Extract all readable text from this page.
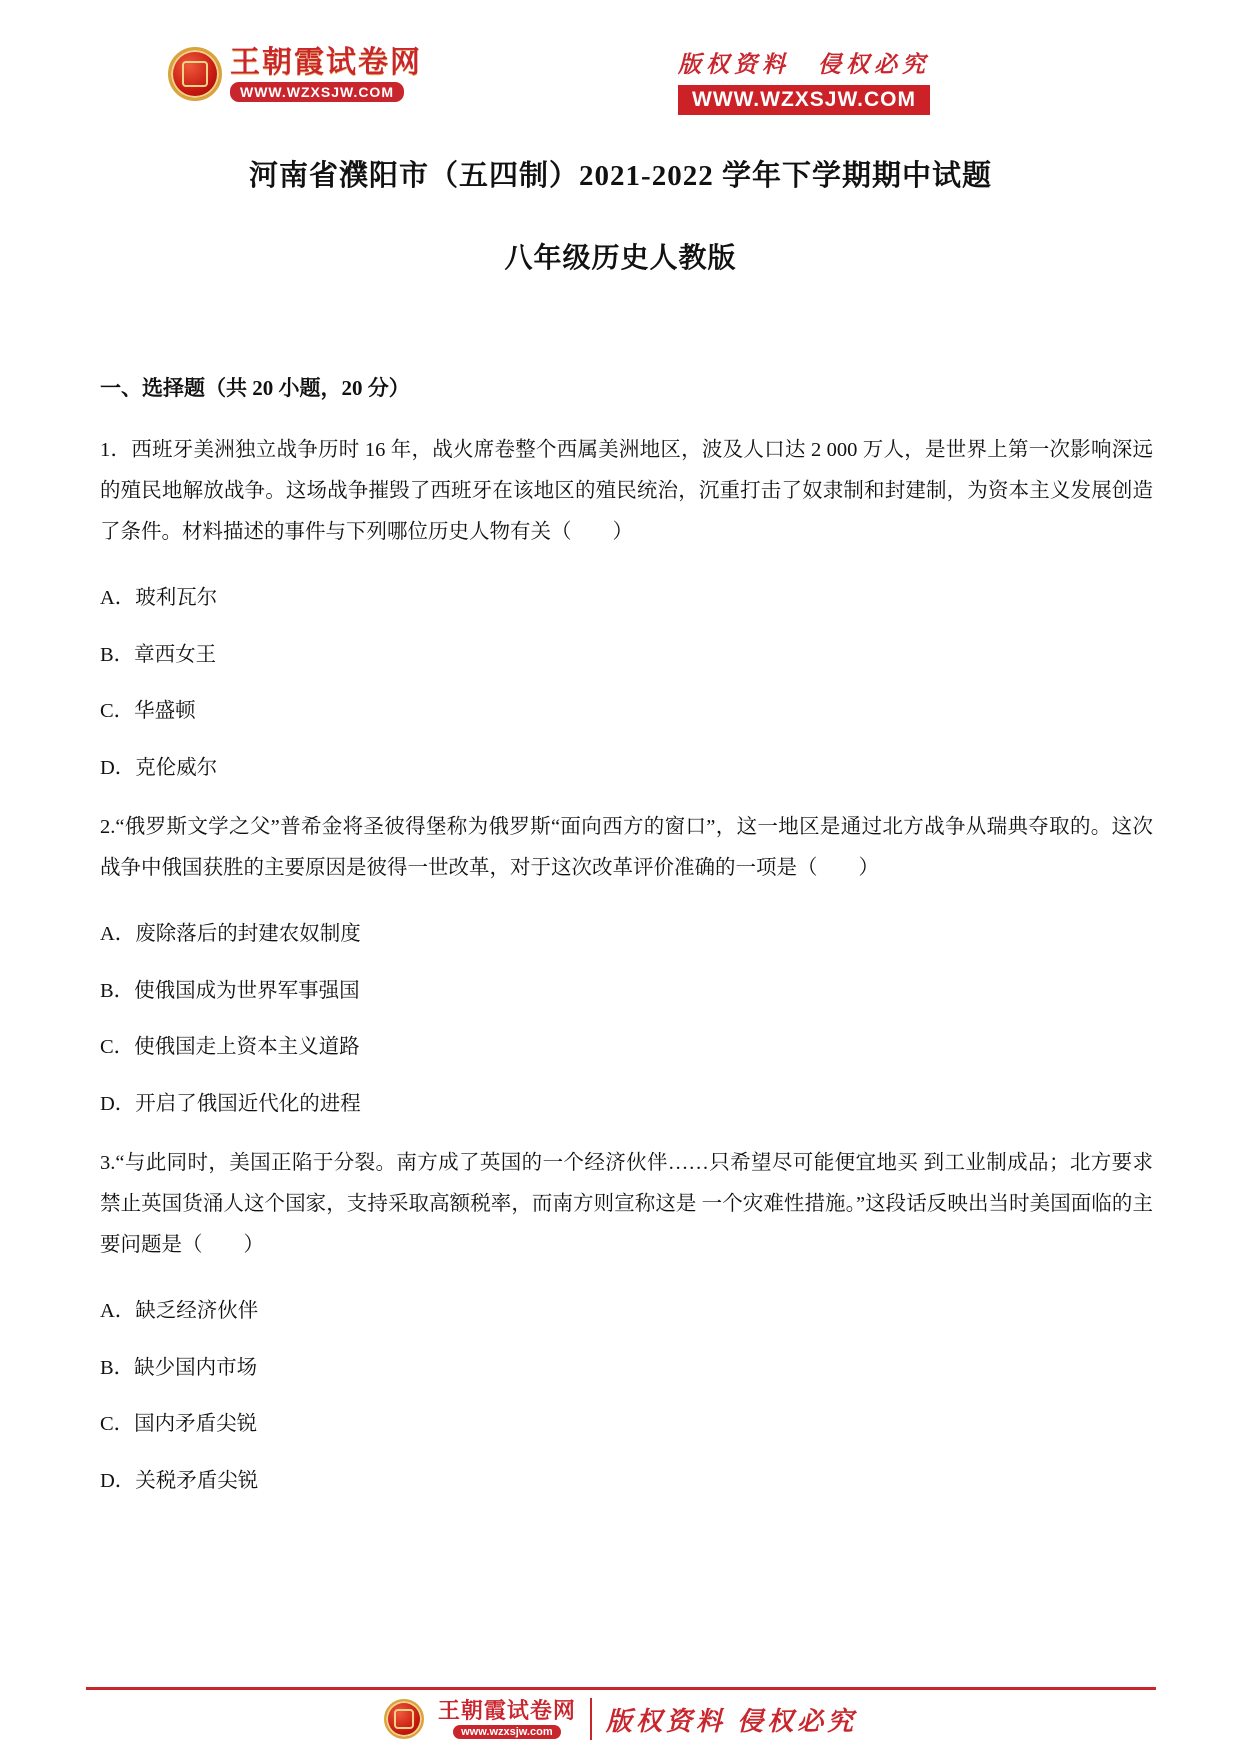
王朝霞试卷网
WWW.WZXSJW.COM
版权资料　侵权必究
WWW.WZXSJW.COM
河南省濮阳市（五四制）2021-2022 学年下学期期中试题
八年级历史人教版

一、选择题（共 20 小题，20 分）

1．西班牙美洲独立战争历时 16 年，战火席卷整个西属美洲地区，波及人口达 2 000 万人，是世界上第一次影响深远的殖民地解放战争。这场战争摧毁了西班牙在该地区的殖民统治，沉重打击了奴隶制和封建制，为资本主义发展创造了条件。材料描述的事件与下列哪位历史人物有关（　　）

A．玻利瓦尔

B．章西女王

C．华盛顿

D．克伦威尔

2.“俄罗斯文学之父”普希金将圣彼得堡称为俄罗斯“面向西方的窗口”，这一地区是通过北方战争从瑞典夺取的。这次战争中俄国获胜的主要原因是彼得一世改革，对于这次改革评价准确的一项是（　　）

A．废除落后的封建农奴制度

B．使俄国成为世界军事强国

C．使俄国走上资本主义道路

D．开启了俄国近代化的进程

3.“与此同时，美国正陷于分裂。南方成了英国的一个经济伙伴……只希望尽可能便宜地买 到工业制成品；北方要求禁止英国货涌人这个国家，支持采取高额税率，而南方则宣称这是 一个灾难性措施。”这段话反映出当时美国面临的主要问题是（　　）

A．缺乏经济伙伴

B．缺少国内市场

C．国内矛盾尖锐

D．关税矛盾尖锐

王朝霞试卷网
www.wzxsjw.com	版权资料 侵权必究
